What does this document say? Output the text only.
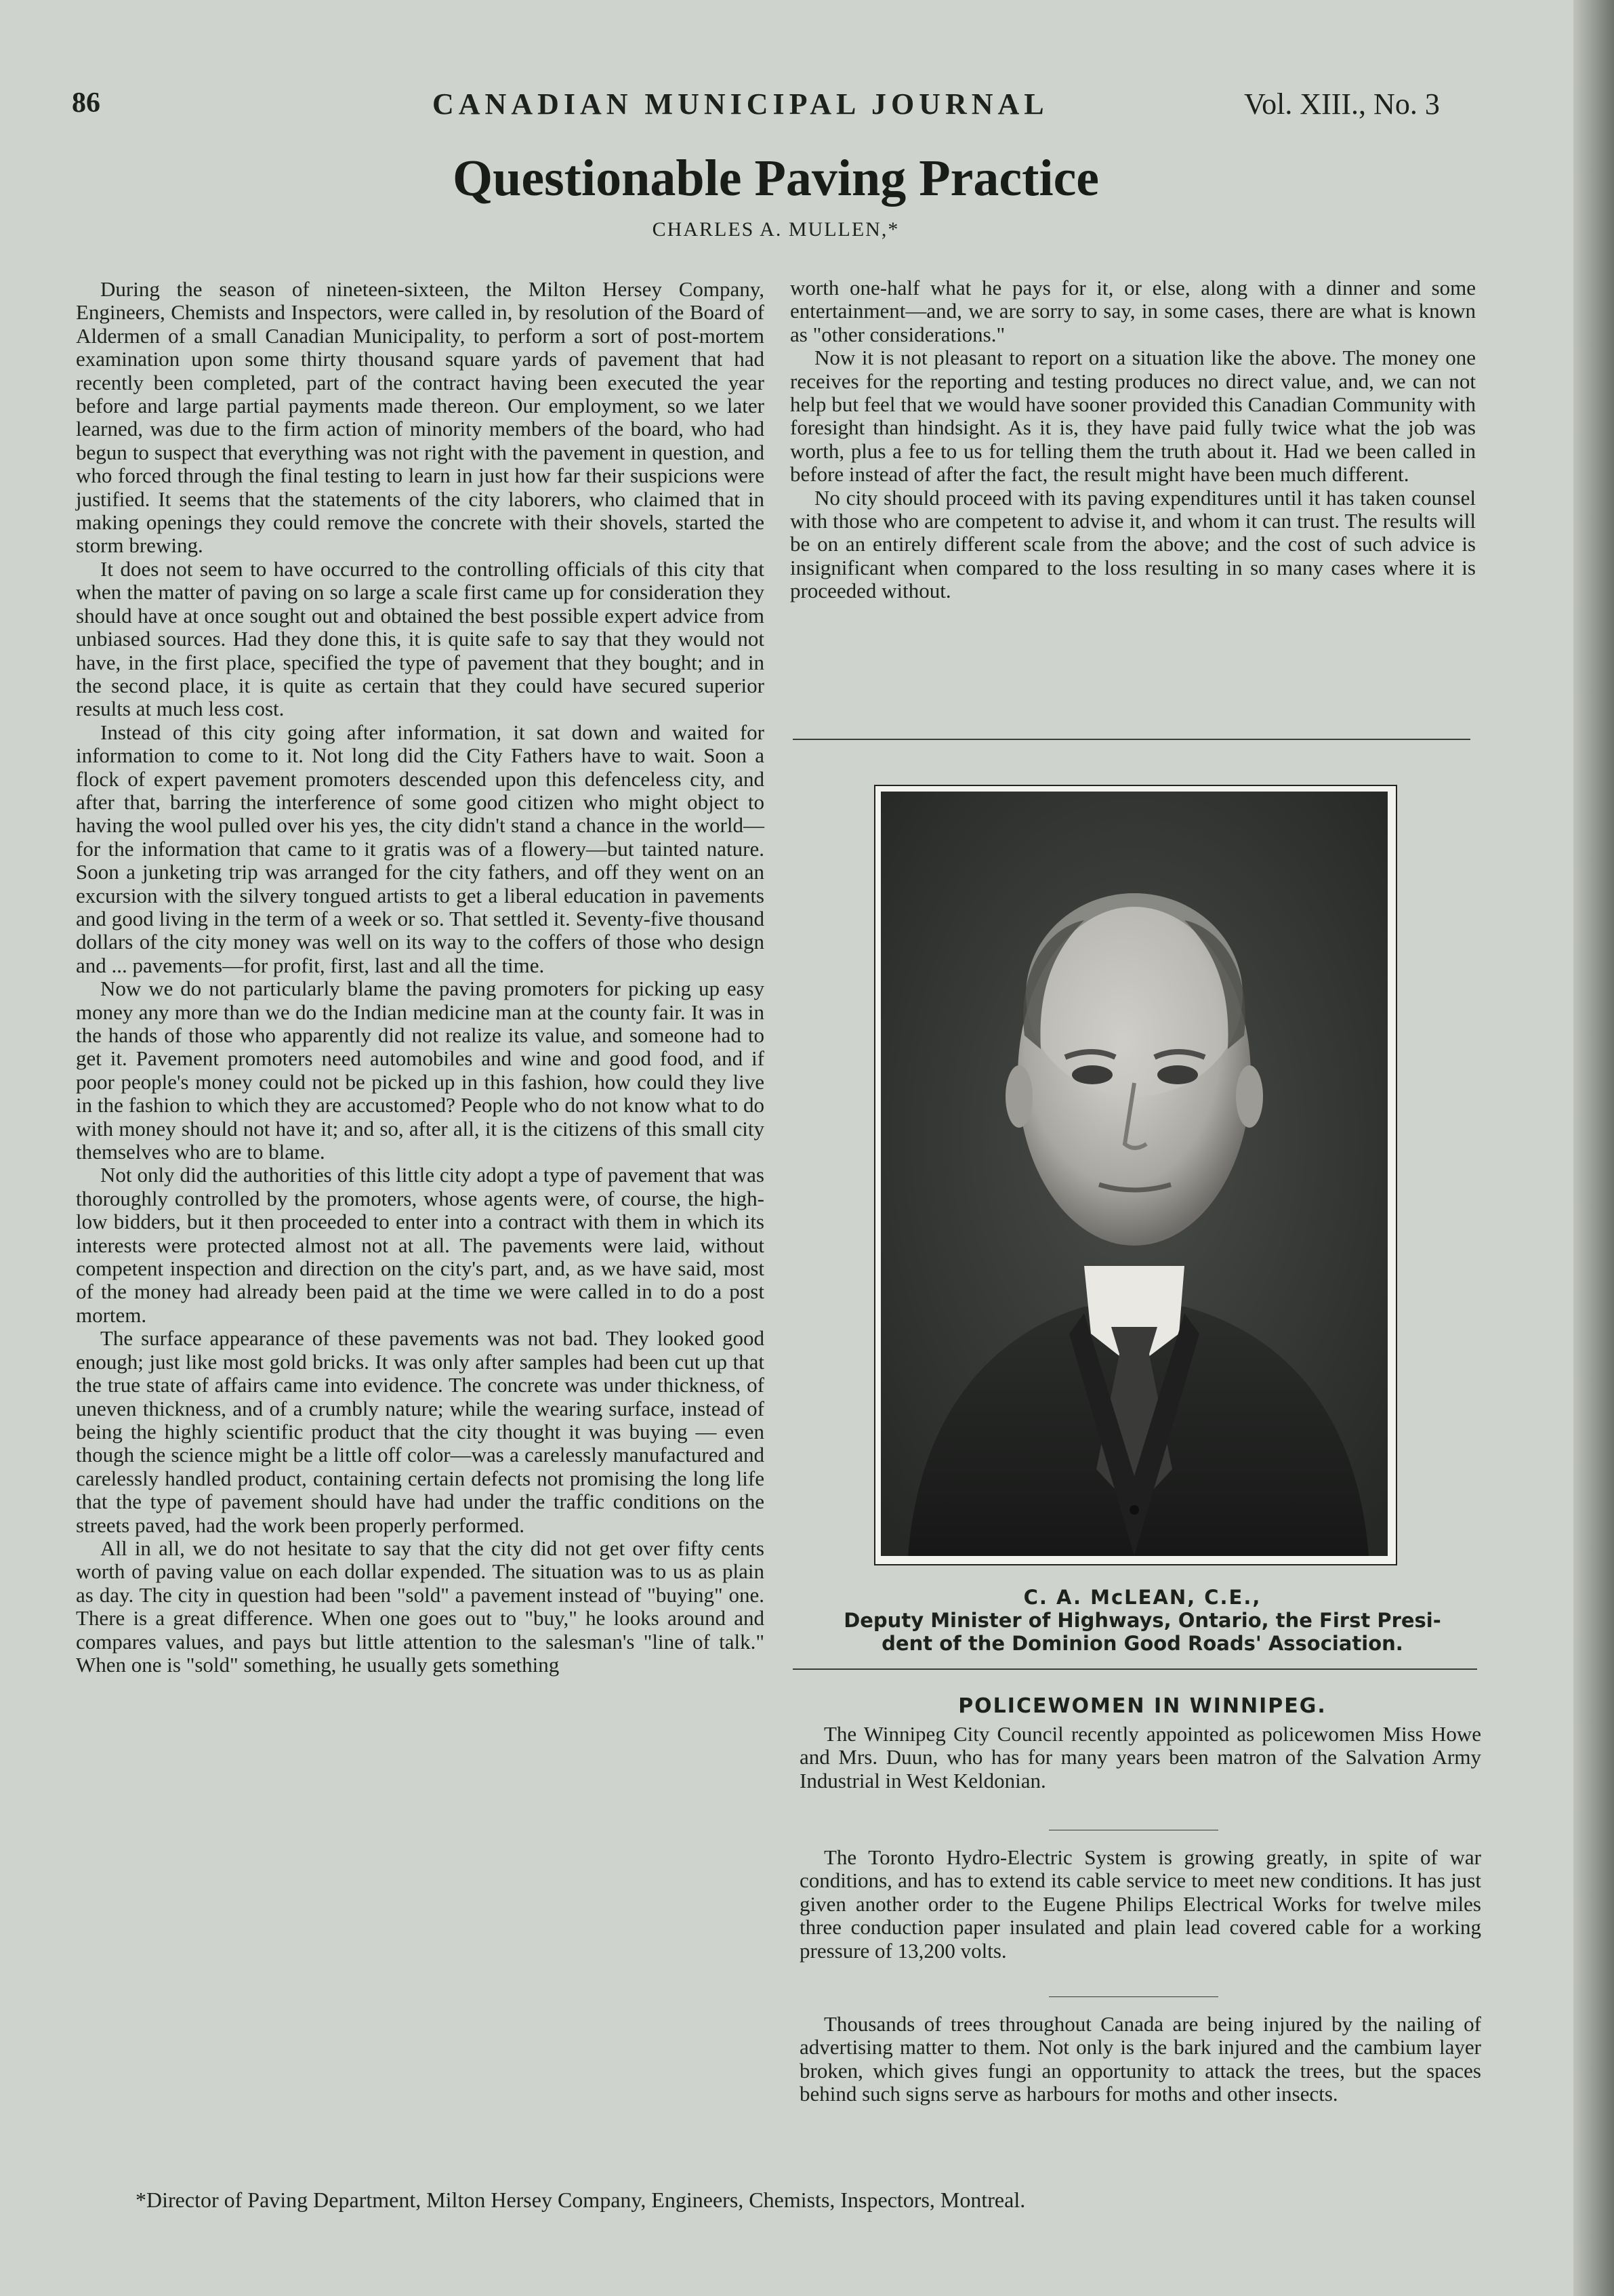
86	CANADIAN MUNICIPAL JOURNAL	Vol. XIII., No. 3
Questionable Paving Practice
CHARLES A. MULLEN,*

During the season of nineteen-sixteen, the Milton Hersey Company, Engineers, Chemists and Inspectors, were called in, by resolution of the Board of Aldermen of a small Canadian Municipality, to perform a sort of post-mortem examination upon some thirty thousand square yards of pavement that had recently been completed, part of the contract having been executed the year before and large partial payments made thereon. Our employment, so we later learned, was due to the firm action of minority members of the board, who had begun to suspect that everything was not right with the pavement in question, and who forced through the final testing to learn in just how far their suspicions were justified. It seems that the statements of the city laborers, who claimed that in making openings they could remove the concrete with their shovels, started the storm brewing.

It does not seem to have occurred to the controlling officials of this city that when the matter of paving on so large a scale first came up for consideration they should have at once sought out and obtained the best possible expert advice from unbiased sources. Had they done this, it is quite safe to say that they would not have, in the first place, specified the type of pavement that they bought; and in the second place, it is quite as certain that they could have secured superior results at much less cost.

Instead of this city going after information, it sat down and waited for information to come to it. Not long did the City Fathers have to wait. Soon a flock of expert pavement promoters descended upon this defenceless city, and after that, barring the interference of some good citizen who might object to having the wool pulled over his yes, the city didn't stand a chance in the world—for the information that came to it gratis was of a flowery—but tainted nature. Soon a junketing trip was arranged for the city fathers, and off they went on an excursion with the silvery tongued artists to get a liberal education in pavements and good living in the term of a week or so. That settled it. Seventy-five thousand dollars of the city money was well on its way to the coffers of those who design and ... pavements—for profit, first, last and all the time.

Now we do not particularly blame the paving promoters for picking up easy money any more than we do the Indian medicine man at the county fair. It was in the hands of those who apparently did not realize its value, and someone had to get it. Pavement promoters need automobiles and wine and good food, and if poor people's money could not be picked up in this fashion, how could they live in the fashion to which they are accustomed? People who do not know what to do with money should not have it; and so, after all, it is the citizens of this small city themselves who are to blame.

Not only did the authorities of this little city adopt a type of pavement that was thoroughly controlled by the promoters, whose agents were, of course, the high-low bidders, but it then proceeded to enter into a contract with them in which its interests were protected almost not at all. The pavements were laid, without competent inspection and direction on the city's part, and, as we have said, most of the money had already been paid at the time we were called in to do a post mortem.

The surface appearance of these pavements was not bad. They looked good enough; just like most gold bricks. It was only after samples had been cut up that the true state of affairs came into evidence. The concrete was under thickness, of uneven thickness, and of a crumbly nature; while the wearing surface, instead of being the highly scientific product that the city thought it was buying — even though the science might be a little off color—was a carelessly manufactured and carelessly handled product, containing certain defects not promising the long life that the type of pavement should have had under the traffic conditions on the streets paved, had the work been properly performed.

All in all, we do not hesitate to say that the city did not get over fifty cents worth of paving value on each dollar expended. The situation was to us as plain as day. The city in question had been "sold" a pavement instead of "buying" one. There is a great difference. When one goes out to "buy," he looks around and compares values, and pays but little attention to the salesman's "line of talk." When one is "sold" something, he usually gets something

worth one-half what he pays for it, or else, along with a dinner and some entertainment—and, we are sorry to say, in some cases, there are what is known as "other considerations."

Now it is not pleasant to report on a situation like the above. The money one receives for the reporting and testing produces no direct value, and, we can not help but feel that we would have sooner provided this Canadian Community with foresight than hindsight. As it is, they have paid fully twice what the job was worth, plus a fee to us for telling them the truth about it. Had we been called in before instead of after the fact, the result might have been much different.

No city should proceed with its paving expenditures until it has taken counsel with those who are competent to advise it, and whom it can trust. The results will be on an entirely different scale from the above; and the cost of such advice is insignificant when compared to the loss resulting in so many cases where it is proceeded without.

C. A. McLEAN, C.E.,
Deputy Minister of Highways, Ontario, the First Presi-
dent of the Dominion Good Roads' Association.
POLICEWOMEN IN WINNIPEG.

The Winnipeg City Council recently appointed as policewomen Miss Howe and Mrs. Duun, who has for many years been matron of the Salvation Army Industrial in West Keldonian.

The Toronto Hydro-Electric System is growing greatly, in spite of war conditions, and has to extend its cable service to meet new conditions. It has just given another order to the Eugene Philips Electrical Works for twelve miles three conduction paper insulated and plain lead covered cable for a working pressure of 13,200 volts.

Thousands of trees throughout Canada are being injured by the nailing of advertising matter to them. Not only is the bark injured and the cambium layer broken, which gives fungi an opportunity to attack the trees, but the spaces behind such signs serve as harbours for moths and other insects.

*Director of Paving Department, Milton Hersey Company, Engineers, Chemists, Inspectors, Montreal.
